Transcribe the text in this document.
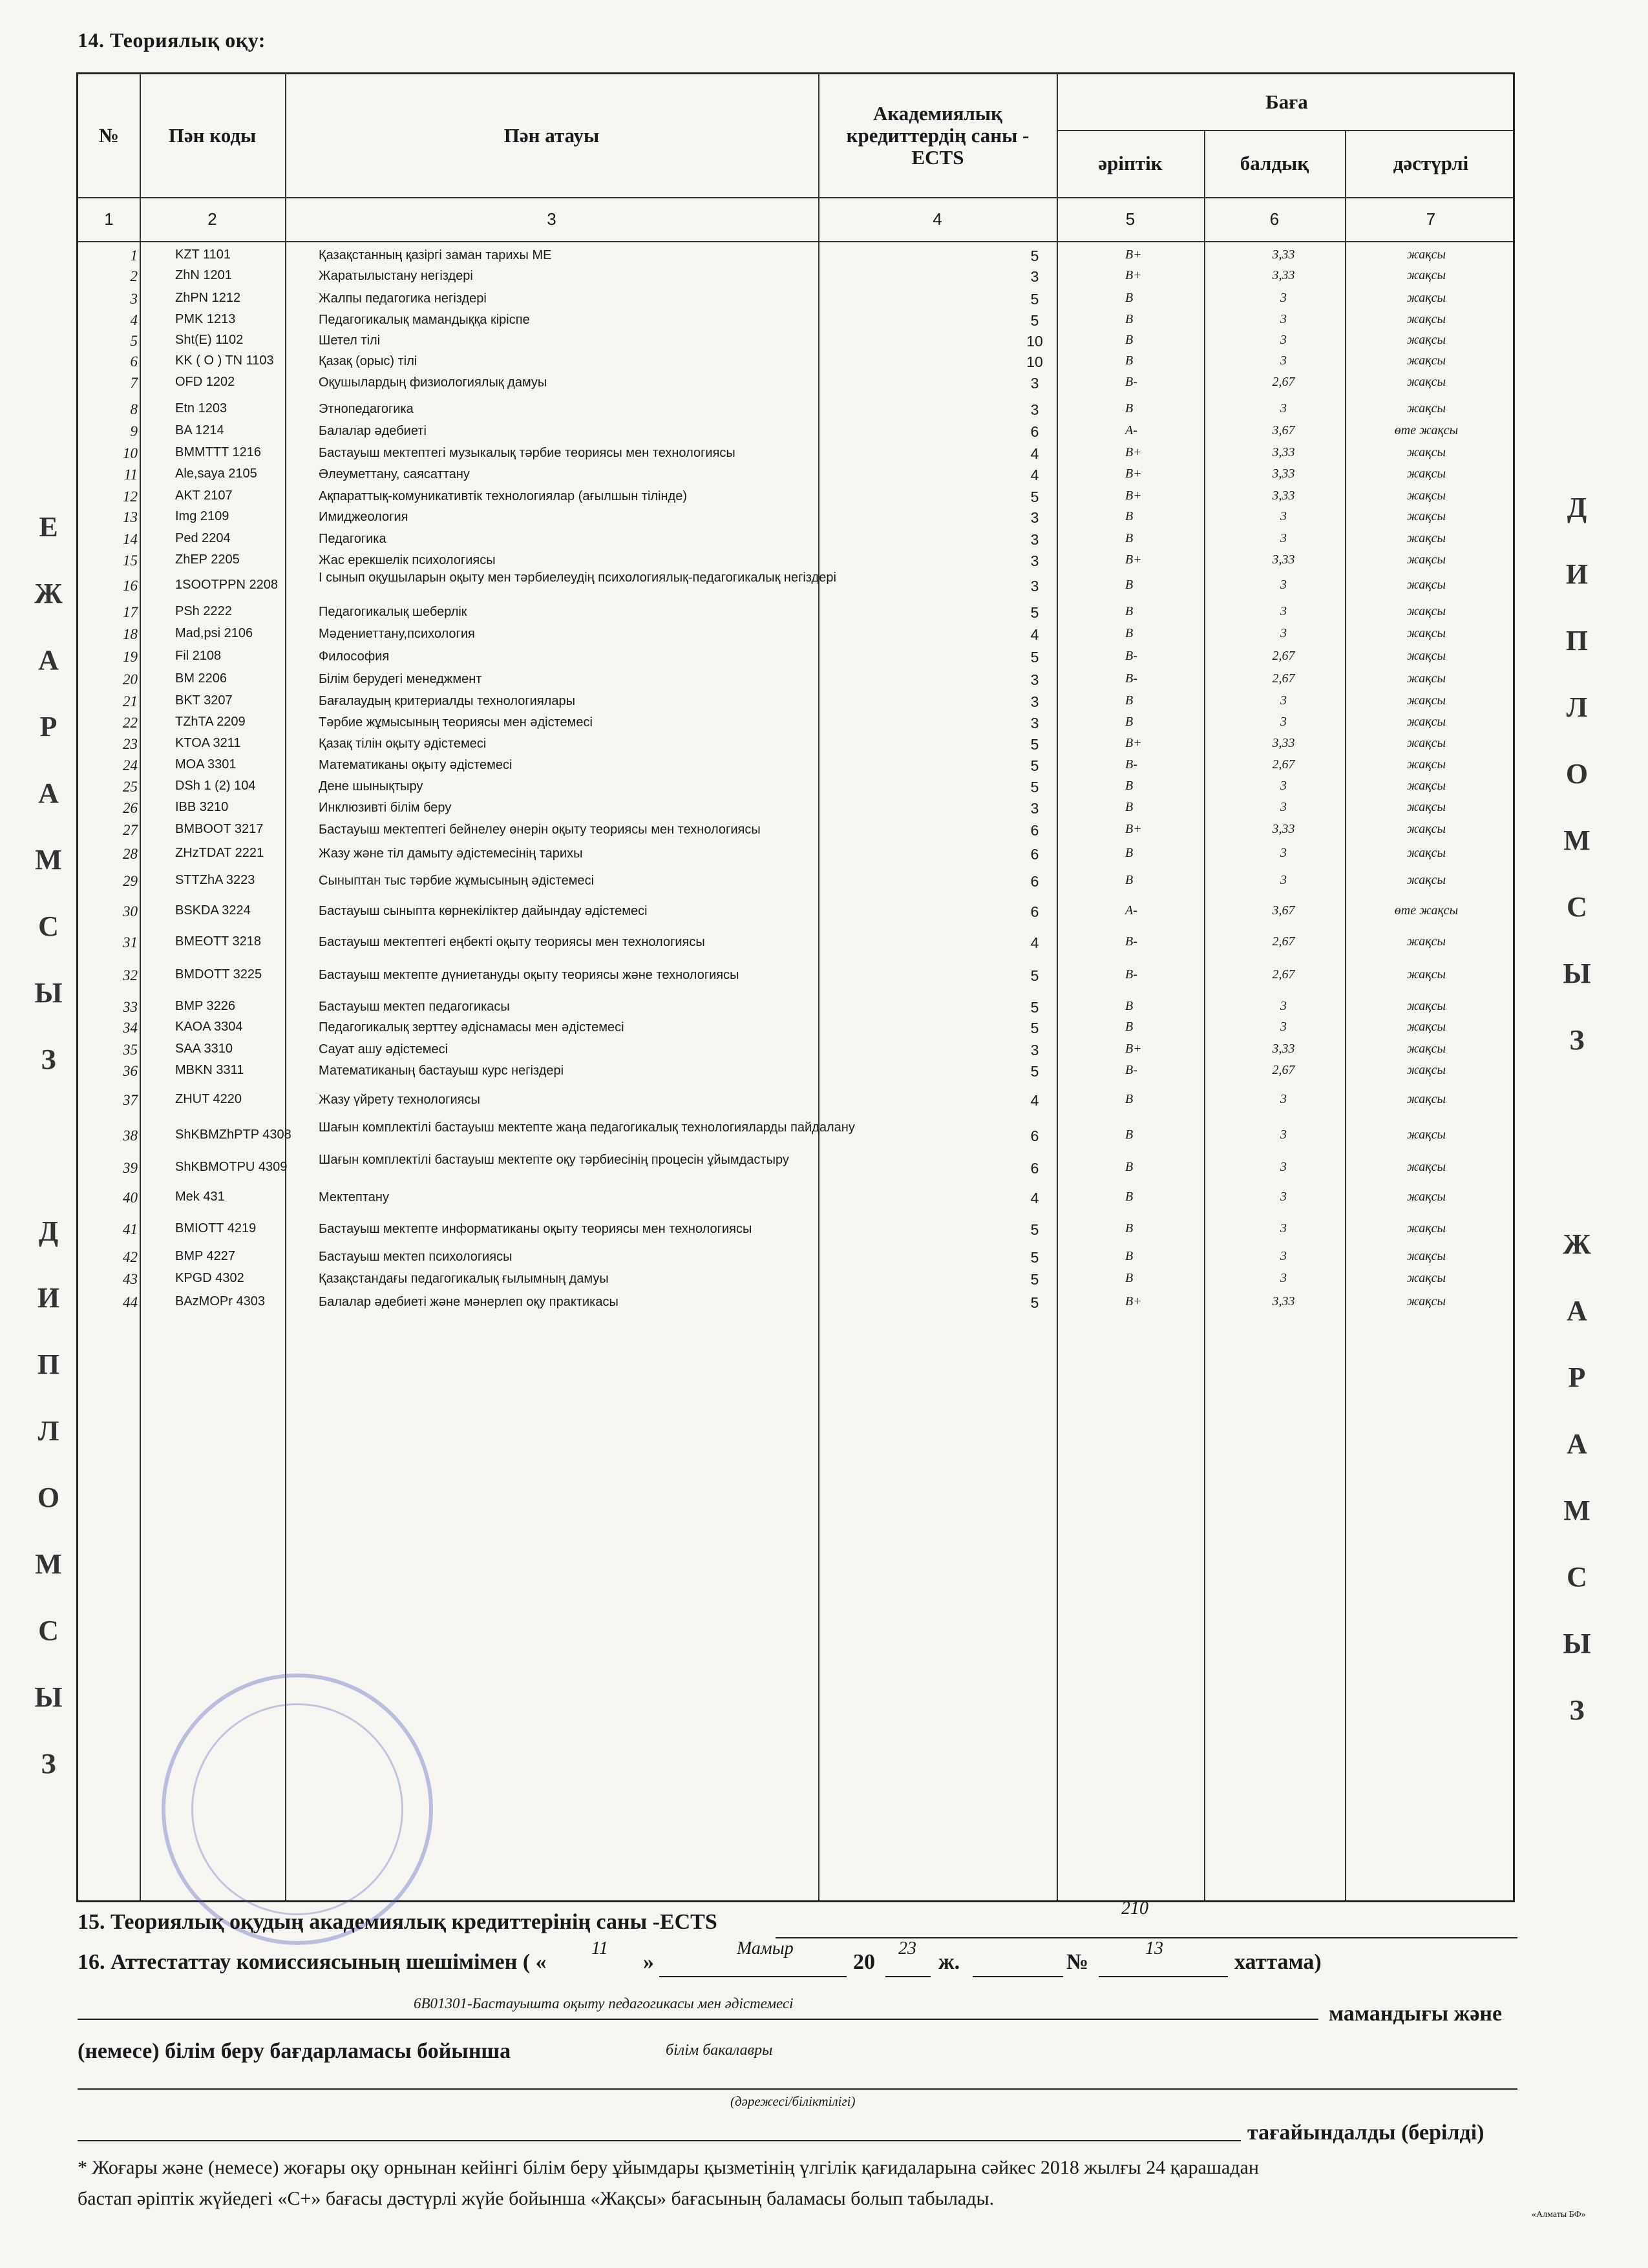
14. Теориялық оқу:
№	Пән коды	Пән атауы
Академиялық кредиттердің саны - ECTS
Баға
әріптік	балдық	дәстүрлі
1	2	3	4	5	6	7
1	KZT 1101	Қазақстанның қазіргі заман тарихы МЕ	5	B+	3,33	жақсы
2	ZhN 1201	Жаратылыстану негіздері	3	B+	3,33	жақсы
3	ZhPN 1212	Жалпы педагогика негіздері	5	B	3	жақсы
4	PMK 1213	Педагогикалық мамандыққа кіріспе	5	B	3	жақсы
5	Sht(E) 1102	Шетел тілі	10	B	3	жақсы
6	KK ( O ) TN 1103	Қазақ (орыс) тілі	10	B	3	жақсы
7	OFD 1202	Оқушылардың физиологиялық дамуы	3	B-	2,67	жақсы
8	Etn 1203	Этнопедагогика	3	B	3	жақсы
9	BA 1214	Балалар әдебиеті	6	A-	3,67	өте жақсы
10	BMMTTT 1216	Бастауыш мектептегі музыкалық тәрбие теориясы мен технологиясы	4	B+	3,33	жақсы
11	Ale,saya 2105	Әлеуметтану, саясаттану	4	B+	3,33	жақсы
12	AKT 2107	Ақпараттық-комуникативтік технологиялар (ағылшын тілінде)	5	B+	3,33	жақсы
13	Img 2109	Имиджеология	3	B	3	жақсы
14	Ped 2204	Педагогика	3	B	3	жақсы
15	ZhEP 2205	Жас ерекшелік психологиясы	3	B+	3,33	жақсы
16	1SOOTPPN 2208	І сынып оқушыларын оқыту мен тәрбиелеудің психологиялық-педагогикалық негіздері	3	B	3	жақсы
17	PSh 2222	Педагогикалық шеберлік	5	B	3	жақсы
18	Mad,psi 2106	Мәдениеттану,психология	4	B	3	жақсы
19	Fil 2108	Философия	5	B-	2,67	жақсы
20	BM 2206	Білім берудегі менеджмент	3	B-	2,67	жақсы
21	BKT 3207	Бағалаудың критериалды технологиялары	3	B	3	жақсы
22	TZhTA 2209	Тәрбие жұмысының теориясы мен әдістемесі	3	B	3	жақсы
23	KTOA 3211	Қазақ тілін оқыту әдістемесі	5	B+	3,33	жақсы
24	MOA 3301	Математиканы оқыту әдістемесі	5	B-	2,67	жақсы
25	DSh 1 (2) 104	Дене шынықтыру	5	B	3	жақсы
26	IBB 3210	Инклюзивті білім беру	3	B	3	жақсы
27	BMBOOT 3217	Бастауыш мектептегі бейнелеу өнерін оқыту теориясы мен технологиясы	6	B+	3,33	жақсы
28	ZHzTDAT 2221	Жазу жəне тіл дамыту əдістемесінің тарихы	6	B	3	жақсы
29	STTZhA 3223	Сыныптан тыс тәрбие жұмысының әдістемесі	6	B	3	жақсы
30	BSKDA 3224	Бастауыш сыныпта көрнекіліктер дайындау әдістемесі	6	A-	3,67	өте жақсы
31	BMEOTT 3218	Бастауыш мектептегі еңбекті оқыту теориясы мен технологиясы	4	B-	2,67	жақсы
32	BMDOTT 3225	Бастауыш мектепте дүниетануды оқыту теориясы және технологиясы	5	B-	2,67	жақсы
33	BMP 3226	Бастауыш мектеп педагогикасы	5	B	3	жақсы
34	KAOA 3304	Педагогикалық зерттеу әдіснамасы мен әдістемесі	5	B	3	жақсы
35	SAA 3310	Сауат ашу әдістемесі	3	B+	3,33	жақсы
36	MBKN 3311	Математиканың бастауыш курс негіздері	5	B-	2,67	жақсы
37	ZHUT 4220	Жазу үйрету технологиясы	4	B	3	жақсы
38	ShKBMZhPTP 4308 Шағын комплектілі бастауыш мектепте жаңа педагогикалық технологияларды пайдалану	6	B	3	жақсы
39	ShKBMOTPU 4309 Шағын комплектілі бастауыш мектепте оқу тәрбиесінің процесін ұйымдастыру	6	B	3	жақсы
40	Mek 431	Мектептану	4	B	3	жақсы
41	BMIOTT 4219	Бастауыш мектепте информатиканы оқыту теориясы мен технологиясы	5	B	3	жақсы
42	BMP 4227	Бастауыш мектеп психологиясы	5	B	3	жақсы
43	KPGD 4302	Қазақстандағы педагогикалық ғылымның дамуы	5	B	3	жақсы
44	BAzMOPr 4303	Балалар әдебиеті және мәнерлеп оқу практикасы	5	B+	3,33	жақсы
Е
Ж
А
Р
А
М
С
Ы
З
Д
И
П
Л
О
М
С
Ы
З
Д
И
П
Л
О
М
С
Ы
З
Ж
А
Р
А
М
С
Ы
З
15. Теориялық оқудың академиялық кредиттерінің саны -ECTS
210
16. Аттестаттау комиссиясының шешімімен ( «
11
»
Мамыр
20
23
ж.	№
13
хаттама)
6В01301-Бастауышта оқыту педагогикасы мен әдістемесі	мамандығы және
(немесе) білім беру бағдарламасы бойынша	білім бакалавры
(дәрежесі/біліктілігі)
тағайындалды (берілді)
* Жоғары және (немесе) жоғары оқу орнынан кейінгі білім беру ұйымдары қызметінің үлгілік қағидаларына сәйкес 2018 жылғы 24 қарашадан
бастап әріптік жүйедегі «С+» бағасы дәстүрлі жүйе бойынша «Жақсы» бағасының баламасы болып табылады.
«Алматы БФ»
